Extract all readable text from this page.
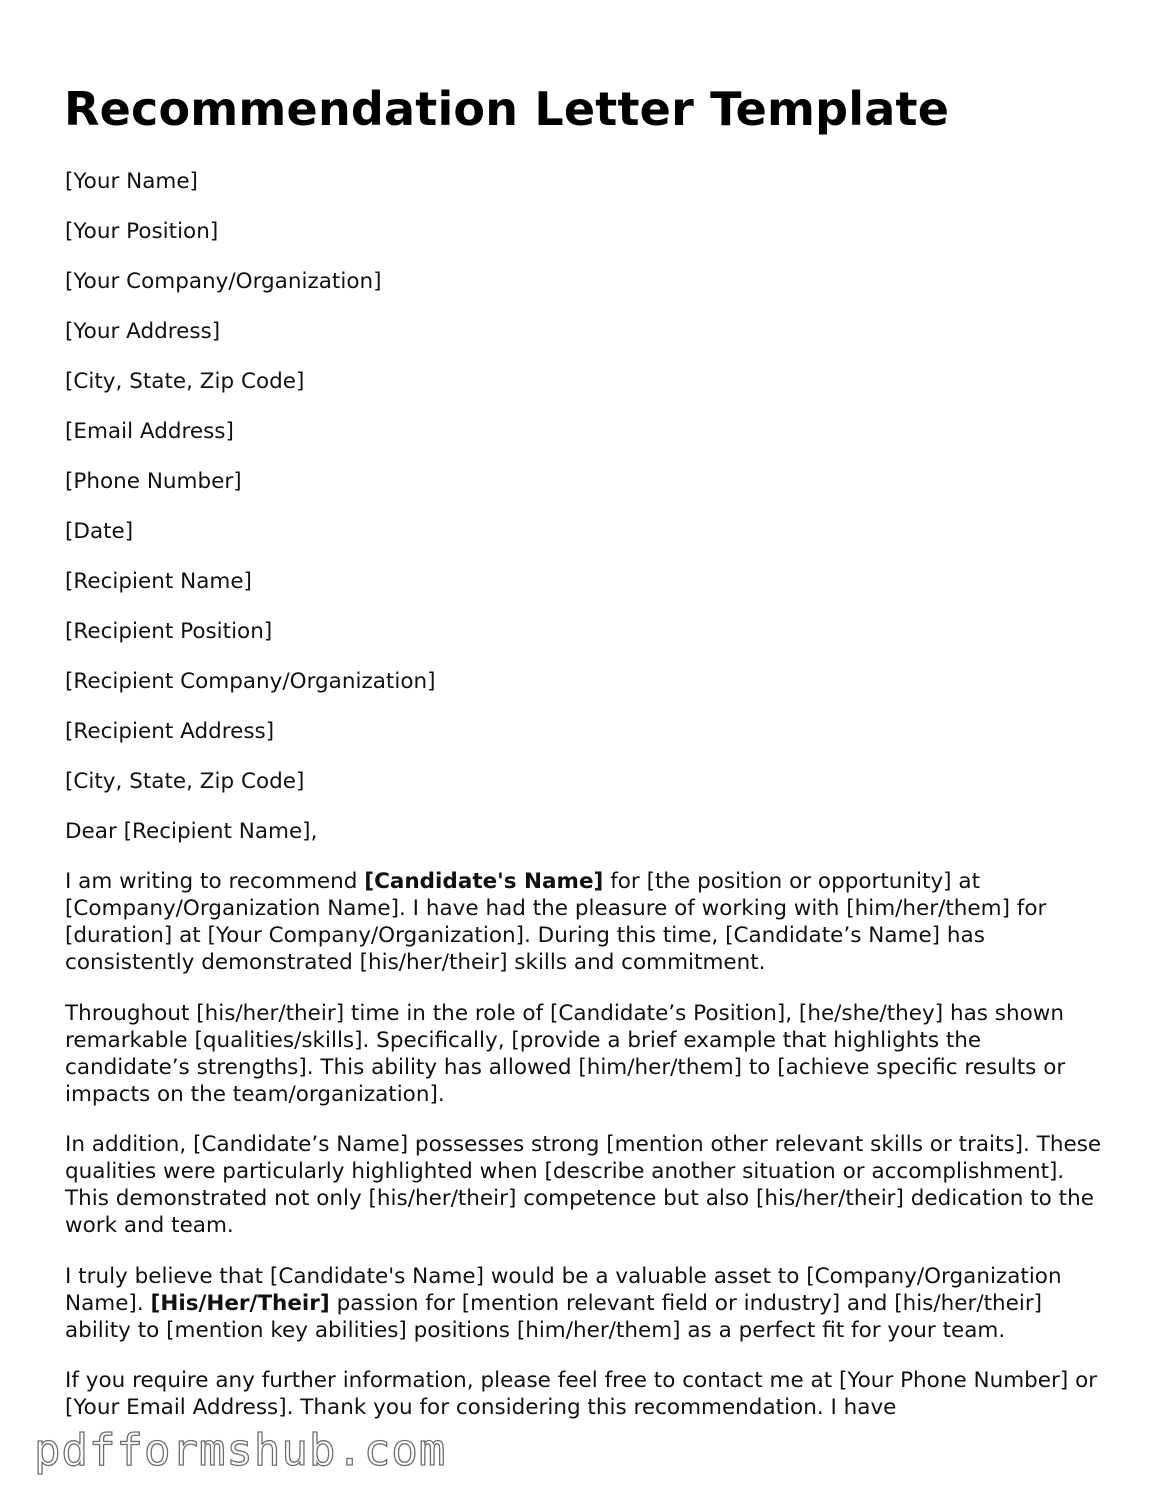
Recommendation Letter Template
[Your Name]
[Your Position]
[Your Company/Organization]
[Your Address]
[City, State, Zip Code]
[Email Address]
[Phone Number]
[Date]
[Recipient Name]
[Recipient Position]
[Recipient Company/Organization]
[Recipient Address]
[City, State, Zip Code]
Dear [Recipient Name],

I am writing to recommend [Candidate's Name] for [the position or opportunity] at [Company/Organization Name]. I have had the pleasure of working with [him/her/them] for [duration] at [Your Company/Organization]. During this time, [Candidate’s Name] has consistently demonstrated [his/her/their] skills and commitment.

Throughout [his/her/their] time in the role of [Candidate’s Position], [he/she/they] has shown remarkable [qualities/skills]. Specifically, [provide a brief example that highlights the candidate’s strengths]. This ability has allowed [him/her/them] to [achieve specific results or impacts on the team/organization].

In addition, [Candidate’s Name] possesses strong [mention other relevant skills or traits]. These qualities were particularly highlighted when [describe another situation or accomplishment]. This demonstrated not only [his/her/their] competence but also [his/her/their] dedication to the work and team.

I truly believe that [Candidate's Name] would be a valuable asset to [Company/Organization Name]. [His/Her/Their] passion for [mention relevant field or industry] and [his/her/their] ability to [mention key abilities] positions [him/her/them] as a perfect fit for your team.

If you require any further information, please feel free to contact me at [Your Phone Number] or [Your Email Address]. Thank you for considering this recommendation. I have

pdfformshub.com
